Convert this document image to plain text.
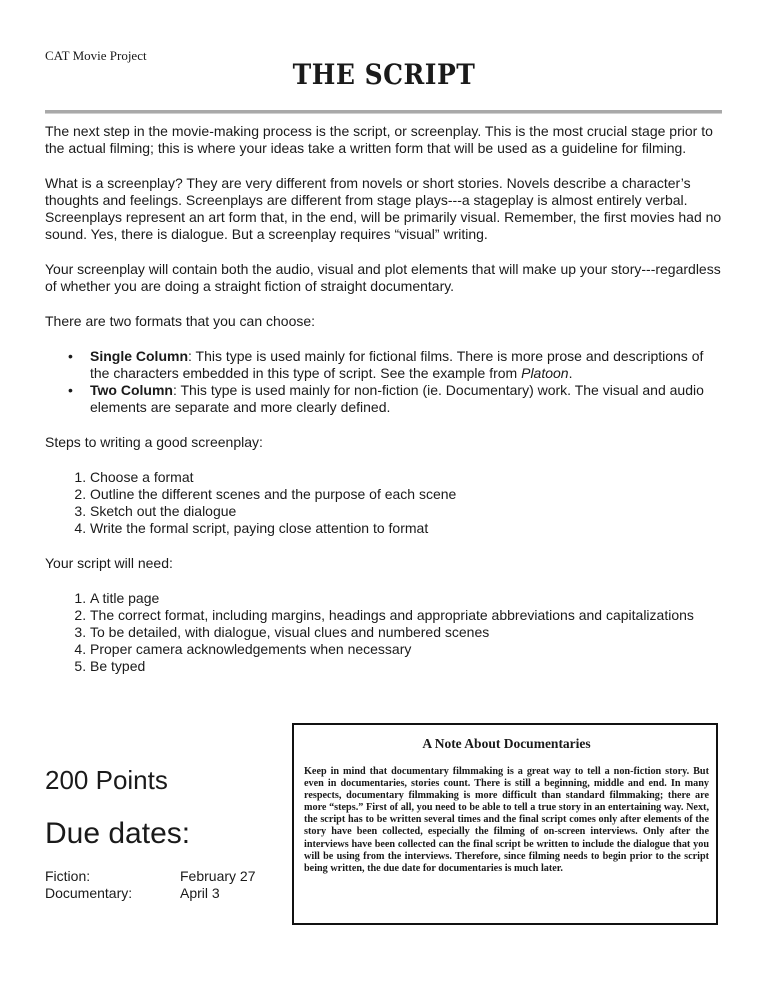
CAT Movie Project
THE SCRIPT

The next step in the movie-making process is the script, or screenplay. This is the most crucial stage prior to the actual filming; this is where your ideas take a written form that will be used as a guideline for filming.

What is a screenplay? They are very different from novels or short stories. Novels describe a character’s thoughts and feelings. Screenplays are different from stage plays---a stageplay is almost entirely verbal. Screenplays represent an art form that, in the end, will be primarily visual. Remember, the first movies had no sound. Yes, there is dialogue. But a screenplay requires “visual” writing.

Your screenplay will contain both the audio, visual and plot elements that will make up your story---regardless of whether you are doing a straight fiction of straight documentary.

There are two formats that you can choose:

• Single Column: This type is used mainly for fictional films. There is more prose and descriptions of the characters embedded in this type of script. See the example from Platoon.
• Two Column: This type is used mainly for non-fiction (ie. Documentary) work. The visual and audio elements are separate and more clearly defined.

Steps to writing a good screenplay:

1. Choose a format
2. Outline the different scenes and the purpose of each scene
3. Sketch out the dialogue
4. Write the formal script, paying close attention to format

Your script will need:

1. A title page
2. The correct format, including margins, headings and appropriate abbreviations and capitalizations
3. To be detailed, with dialogue, visual clues and numbered scenes
4. Proper camera acknowledgements when necessary
5. Be typed
200 Points
Due dates:
Fiction:	February 27
Documentary:	April 3
A Note About Documentaries
Keep in mind that documentary filmmaking is a great way to tell a non-fiction story. But even in documentaries, stories count. There is still a beginning, middle and end. In many respects, documentary filmmaking is more difficult than standard filmmaking; there are more “steps.” First of all, you need to be able to tell a true story in an entertaining way. Next, the script has to be written several times and the final script comes only after elements of the story have been collected, especially the filming of on-screen interviews. Only after the interviews have been collected can the final script be written to include the dialogue that you will be using from the interviews. Therefore, since filming needs to begin prior to the script being written, the due date for documentaries is much later.
